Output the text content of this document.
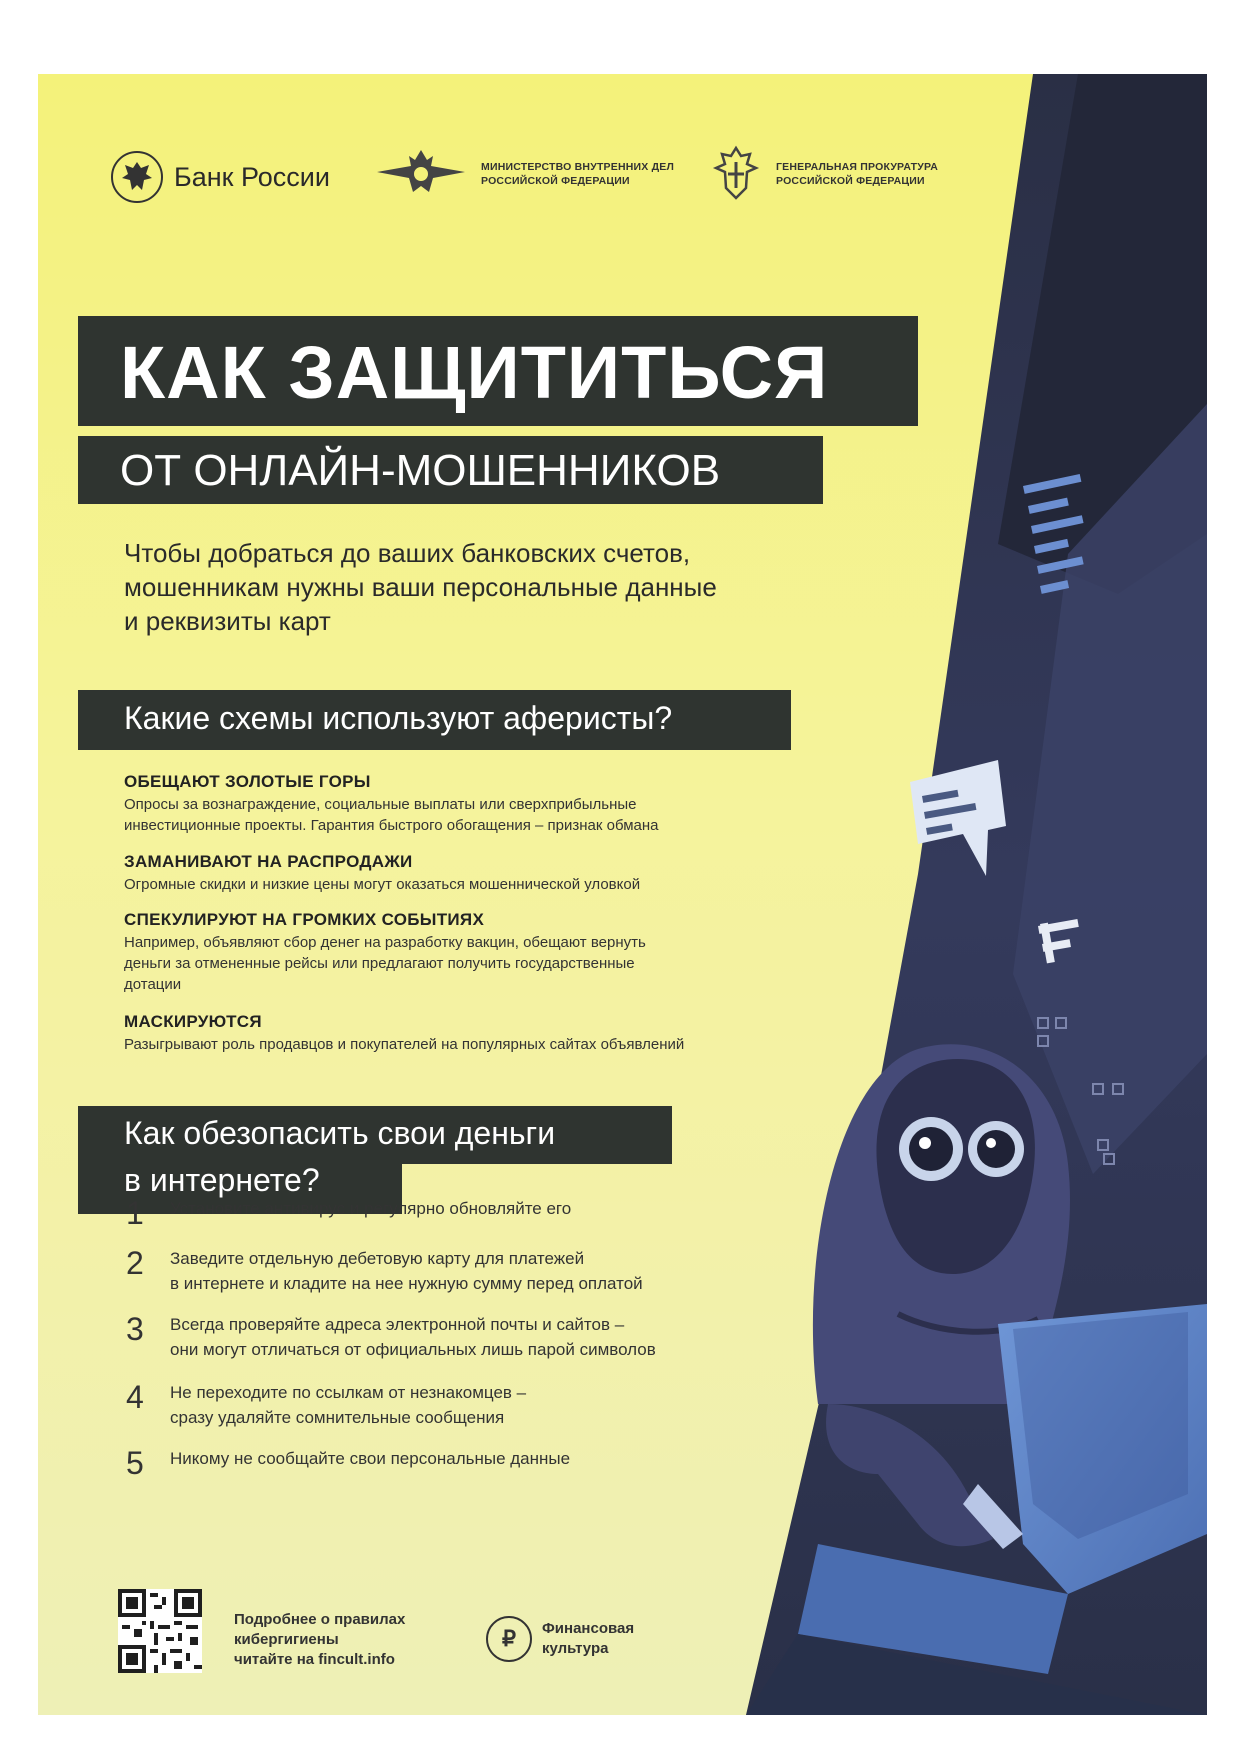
Банк России	МИНИСТЕРСТВО ВНУТРЕННИХ ДЕЛ
РОССИЙСКОЙ ФЕДЕРАЦИИ
ГЕНЕРАЛЬНАЯ ПРОКУРАТУРА
РОССИЙСКОЙ ФЕДЕРАЦИИ
КАК ЗАЩИТИТЬСЯ
ОТ ОНЛАЙН-МОШЕННИКОВ
Чтобы добраться до ваших банковских счетов,
мошенникам нужны ваши персональные данные
и реквизиты карт
Какие схемы используют аферисты?
ОБЕЩАЮТ ЗОЛОТЫЕ ГОРЫ

Опросы за вознаграждение, социальные выплаты или сверхприбыльные
инвестиционные проекты. Гарантия быстрого обогащения – признак обмана

ЗАМАНИВАЮТ НА РАСПРОДАЖИ

Огромные скидки и низкие цены могут оказаться мошеннической уловкой

СПЕКУЛИРУЮТ НА ГРОМКИХ СОБЫТИЯХ

Например, объявляют сбор денег на разработку вакцин, обещают вернуть
деньги за отмененные рейсы или предлагают получить государственные
дотации

МАСКИРУЮТСЯ

Разыгрывают роль продавцов и покупателей на популярных сайтах объявлений

Как обезопасить свои деньги
в интернете?
1	Установите антивирус и регулярно обновляйте его
2	Заведите отдельную дебетовую карту для платежей
в интернете и кладите на нее нужную сумму перед оплатой
3	Всегда проверяйте адреса электронной почты и сайтов –
они могут отличаться от официальных лишь парой символов
4	Не переходите по ссылкам от незнакомцев –
сразу удаляйте сомнительные сообщения
5	Никому не сообщайте свои персональные данные
Подробнее о правилах
кибергигиены
читайте на fincult.info
₽	Финансовая
культура
